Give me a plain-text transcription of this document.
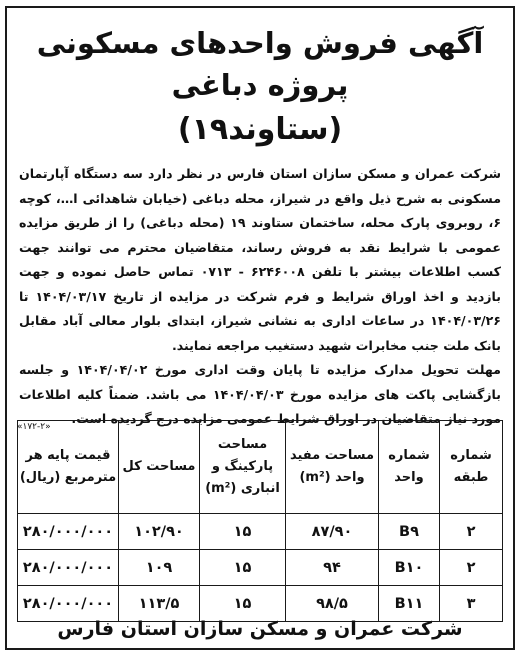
آگهی فروش واحدهای مسکونی پروژه دباغی
(ستاوند۱۹)

شرکت عمران و مسکن سازان استان فارس در نظر دارد سه دستگاه آپارتمان مسکونی به شرح ذیل واقع در شیراز، محله دباغی (خیابان شاهدائی ا…، کوچه ۶، روبروی پارک محله، ساختمان ستاوند ۱۹ (محله دباغی) را از طریق مزایده عمومی با شرایط نقد به فروش رساند، متقاضیان محترم می توانند جهت کسب اطلاعات بیشتر با تلفن ۶۲۴۶۰۰۸ - ۰۷۱۳ تماس حاصل نموده و جهت بازدید و اخذ اوراق شرایط و فرم شرکت در مزایده از تاریخ ۱۴۰۴/۰۳/۱۷ تا ۱۴۰۴/۰۳/۲۶ در ساعات اداری به نشانی شیراز، ابتدای بلوار معالی آباد مقابل بانک ملت جنب مخابرات شهید دستغیب مراجعه نمایند.

مهلت تحویل مدارک مزایده تا پایان وقت اداری مورخ ۱۴۰۴/۰۴/۰۲ و جلسه بازگشایی پاکت های مزایده مورخ ۱۴۰۴/۰۴/۰۳ می باشد. ضمناً کلیه اطلاعات مورد نیاز متقاضیان در اوراق شرایط عمومی مزایده درج گردیده است.

«۱۷۲-۲»
شماره طبقه	شماره واحد	مساحت مفید واحد (m²)	مساحت پارکینگ و انباری (m²)	مساحت کل	قیمت پایه هر مترمربع (ریال)
۲	B۹	۸۷/۹۰	۱۵	۱۰۲/۹۰	۲۸۰/۰۰۰/۰۰۰
۲	B۱۰	۹۴	۱۵	۱۰۹	۲۸۰/۰۰۰/۰۰۰
۳	B۱۱	۹۸/۵	۱۵	۱۱۳/۵	۲۸۰/۰۰۰/۰۰۰
شرکت عمران و مسکن سازان استان فارس
